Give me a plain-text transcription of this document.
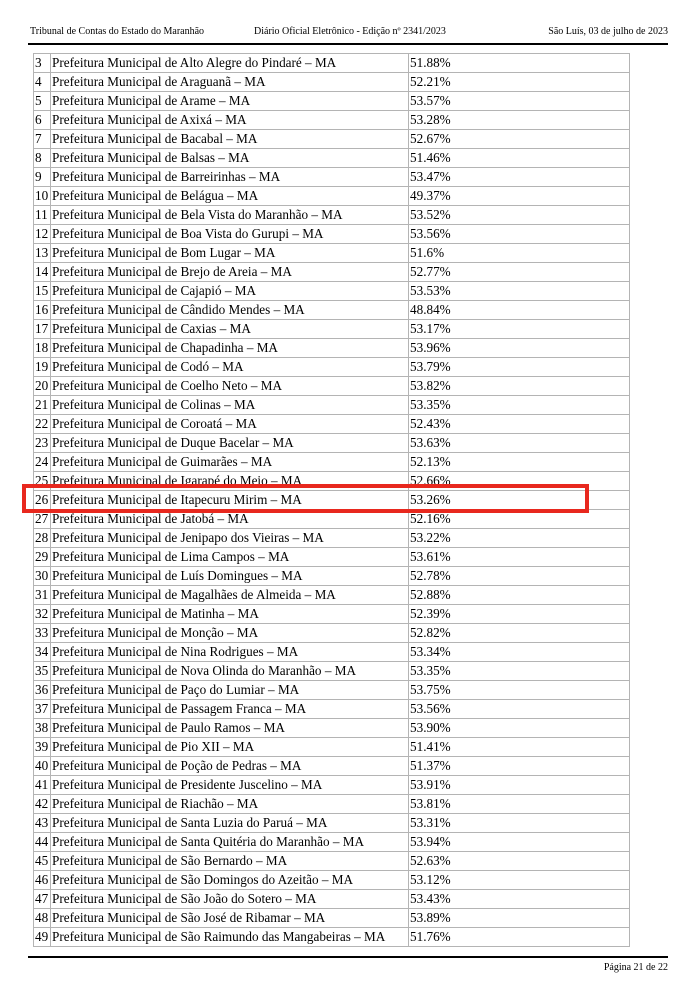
Tribunal de Contas do Estado do Maranhão	Diário Oficial Eletrônico - Edição nº 2341/2023	São Luís, 03 de julho de 2023
3	Prefeitura Municipal de Alto Alegre do Pindaré – MA	51.88%
4	Prefeitura Municipal de Araguanã – MA	52.21%
5	Prefeitura Municipal de Arame – MA	53.57%
6	Prefeitura Municipal de Axixá – MA	53.28%
7	Prefeitura Municipal de Bacabal – MA	52.67%
8	Prefeitura Municipal de Balsas – MA	51.46%
9	Prefeitura Municipal de Barreirinhas – MA	53.47%
10	Prefeitura Municipal de Belágua – MA	49.37%
11	Prefeitura Municipal de Bela Vista do Maranhão – MA	53.52%
12	Prefeitura Municipal de Boa Vista do Gurupi – MA	53.56%
13	Prefeitura Municipal de Bom Lugar – MA	51.6%
14	Prefeitura Municipal de Brejo de Areia – MA	52.77%
15	Prefeitura Municipal de Cajapió – MA	53.53%
16	Prefeitura Municipal de Cândido Mendes – MA	48.84%
17	Prefeitura Municipal de Caxias – MA	53.17%
18	Prefeitura Municipal de Chapadinha – MA	53.96%
19	Prefeitura Municipal de Codó – MA	53.79%
20	Prefeitura Municipal de Coelho Neto – MA	53.82%
21	Prefeitura Municipal de Colinas – MA	53.35%
22	Prefeitura Municipal de Coroatá – MA	52.43%
23	Prefeitura Municipal de Duque Bacelar – MA	53.63%
24	Prefeitura Municipal de Guimarães – MA	52.13%
25	Prefeitura Municipal de Igarapé do Meio – MA	52.66%
26	Prefeitura Municipal de Itapecuru Mirim – MA	53.26%
27	Prefeitura Municipal de Jatobá – MA	52.16%
28	Prefeitura Municipal de Jenipapo dos Vieiras – MA	53.22%
29	Prefeitura Municipal de Lima Campos – MA	53.61%
30	Prefeitura Municipal de Luís Domingues – MA	52.78%
31	Prefeitura Municipal de Magalhães de Almeida – MA	52.88%
32	Prefeitura Municipal de Matinha – MA	52.39%
33	Prefeitura Municipal de Monção – MA	52.82%
34	Prefeitura Municipal de Nina Rodrigues – MA	53.34%
35	Prefeitura Municipal de Nova Olinda do Maranhão – MA	53.35%
36	Prefeitura Municipal de Paço do Lumiar – MA	53.75%
37	Prefeitura Municipal de Passagem Franca – MA	53.56%
38	Prefeitura Municipal de Paulo Ramos – MA	53.90%
39	Prefeitura Municipal de Pio XII – MA	51.41%
40	Prefeitura Municipal de Poção de Pedras – MA	51.37%
41	Prefeitura Municipal de Presidente Juscelino – MA	53.91%
42	Prefeitura Municipal de Riachão – MA	53.81%
43	Prefeitura Municipal de Santa Luzia do Paruá – MA	53.31%
44	Prefeitura Municipal de Santa Quitéria do Maranhão – MA	53.94%
45	Prefeitura Municipal de São Bernardo – MA	52.63%
46	Prefeitura Municipal de São Domingos do Azeitão – MA	53.12%
47	Prefeitura Municipal de São João do Sotero – MA	53.43%
48	Prefeitura Municipal de São José de Ribamar – MA	53.89%
49	Prefeitura Municipal de São Raimundo das Mangabeiras – MA	51.76%
Página 21 de 22
